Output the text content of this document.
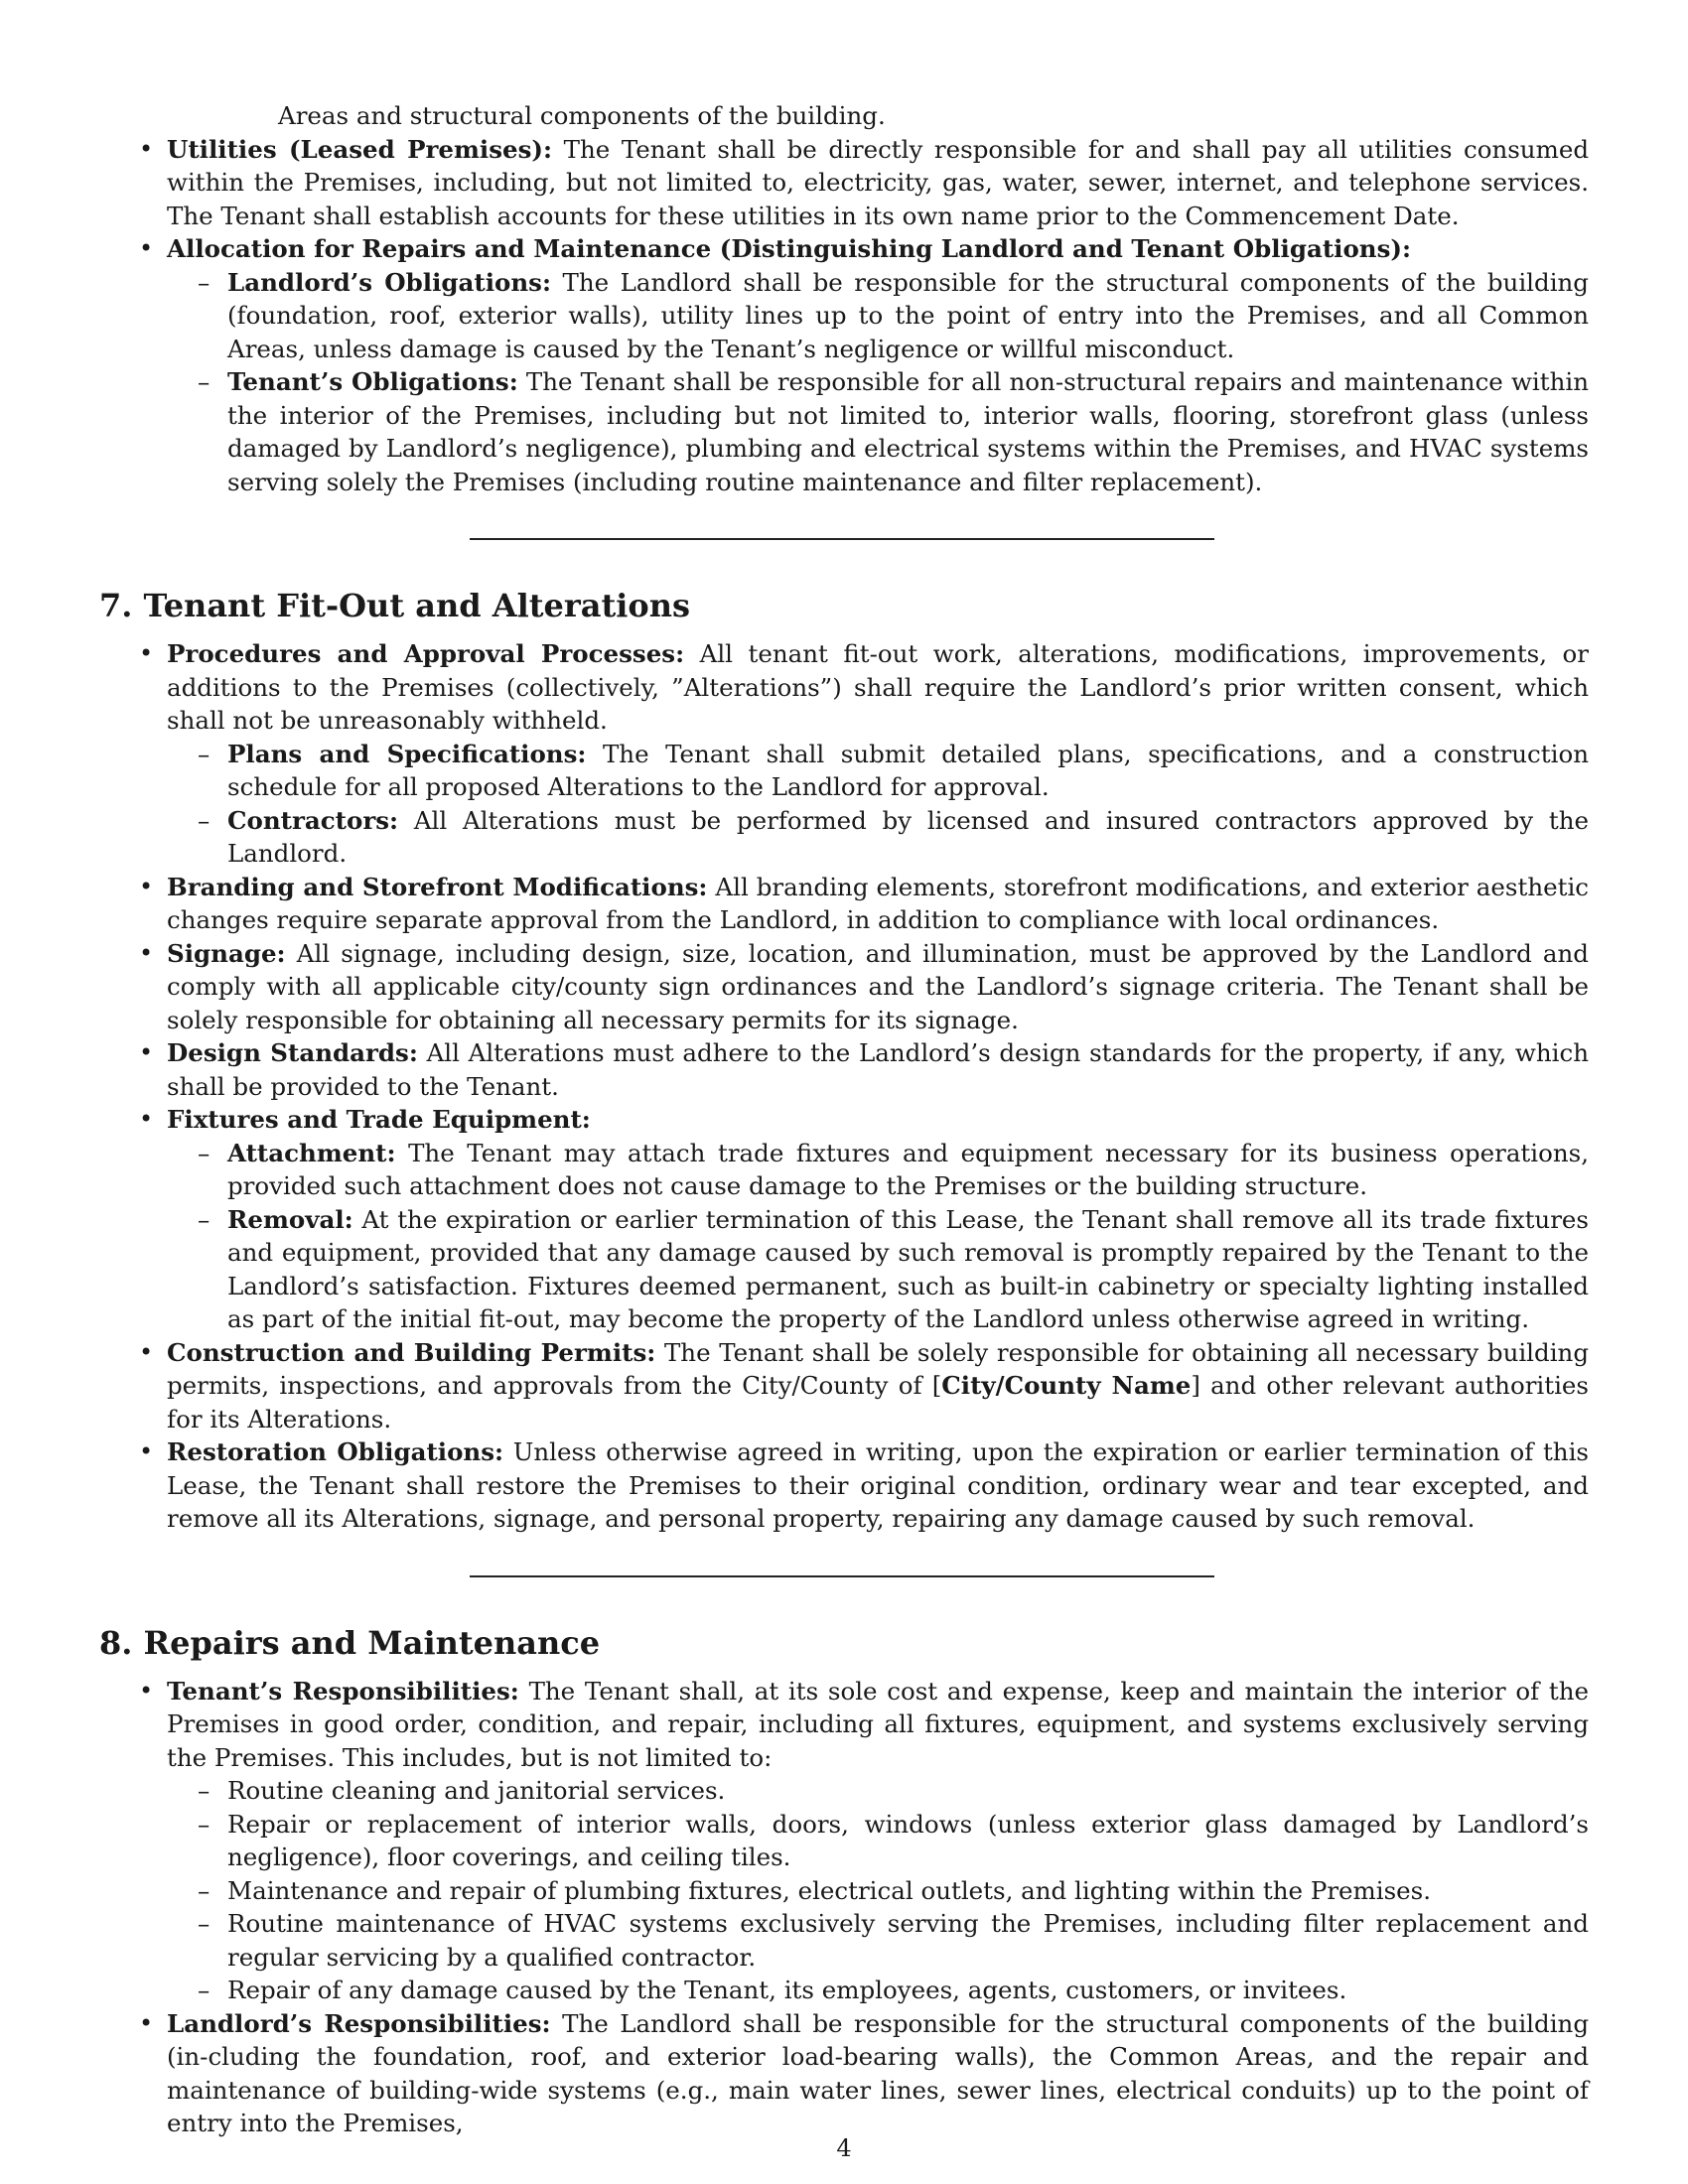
Areas and structural components of the building.
• Utilities (Leased Premises): The Tenant shall be directly responsible for and shall pay all utilities consumed within the Premises, including, but not limited to, electricity, gas, water, sewer, internet, and telephone services. The Tenant shall establish accounts for these utilities in its own name prior to the Commencement Date.
• Allocation for Repairs and Maintenance (Distinguishing Landlord and Tenant Obligations):
– Landlord’s Obligations: The Landlord shall be responsible for the structural components of the building (foundation, roof, exterior walls), utility lines up to the point of entry into the Premises, and all Common Areas, unless damage is caused by the Tenant’s negligence or willful misconduct.
– Tenant’s Obligations: The Tenant shall be responsible for all non-structural repairs and maintenance within the interior of the Premises, including but not limited to, interior walls, flooring, storefront glass (unless damaged by Landlord’s negligence), plumbing and electrical systems within the Premises, and HVAC systems serving solely the Premises (including routine maintenance and filter replacement).
7. Tenant Fit-Out and Alterations
• Procedures and Approval Processes: All tenant fit-out work, alterations, modifications, improvements, or additions to the Premises (collectively, ”Alterations”) shall require the Landlord’s prior written consent, which shall not be unreasonably withheld.
– Plans and Specifications: The Tenant shall submit detailed plans, specifications, and a construction schedule for all proposed Alterations to the Landlord for approval.
– Contractors: All Alterations must be performed by licensed and insured contractors approved by the Landlord.
• Branding and Storefront Modifications: All branding elements, storefront modifications, and exterior aesthetic changes require separate approval from the Landlord, in addition to compliance with local ordinances.
• Signage: All signage, including design, size, location, and illumination, must be approved by the Landlord and comply with all applicable city/county sign ordinances and the Landlord’s signage criteria. The Tenant shall be solely responsible for obtaining all necessary permits for its signage.
• Design Standards: All Alterations must adhere to the Landlord’s design standards for the property, if any, which shall be provided to the Tenant.
• Fixtures and Trade Equipment:
– Attachment: The Tenant may attach trade fixtures and equipment necessary for its business operations, provided such attachment does not cause damage to the Premises or the building structure.
– Removal: At the expiration or earlier termination of this Lease, the Tenant shall remove all its trade fixtures and equipment, provided that any damage caused by such removal is promptly repaired by the Tenant to the Landlord’s satisfaction. Fixtures deemed permanent, such as built-in cabinetry or specialty lighting installed as part of the initial fit-out, may become the property of the Landlord unless otherwise agreed in writing.
• Construction and Building Permits: The Tenant shall be solely responsible for obtaining all necessary building permits, inspections, and approvals from the City/County of [City/County Name] and other relevant authorities for its Alterations.
• Restoration Obligations: Unless otherwise agreed in writing, upon the expiration or earlier termination of this Lease, the Tenant shall restore the Premises to their original condition, ordinary wear and tear excepted, and remove all its Alterations, signage, and personal property, repairing any damage caused by such removal.
8. Repairs and Maintenance
• Tenant’s Responsibilities: The Tenant shall, at its sole cost and expense, keep and maintain the interior of the Premises in good order, condition, and repair, including all fixtures, equipment, and systems exclusively serving the Premises. This includes, but is not limited to:
– Routine cleaning and janitorial services.
– Repair or replacement of interior walls, doors, windows (unless exterior glass damaged by Landlord’s negligence), floor coverings, and ceiling tiles.
– Maintenance and repair of plumbing fixtures, electrical outlets, and lighting within the Premises.
– Routine maintenance of HVAC systems exclusively serving the Premises, including filter replacement and regular servicing by a qualified contractor.
– Repair of any damage caused by the Tenant, its employees, agents, customers, or invitees.
• Landlord’s Responsibilities: The Landlord shall be responsible for the structural components of the building (in-cluding the foundation, roof, and exterior load-bearing walls), the Common Areas, and the repair and maintenance of building-wide systems (e.g., main water lines, sewer lines, electrical conduits) up to the point of entry into the Premises,
4
